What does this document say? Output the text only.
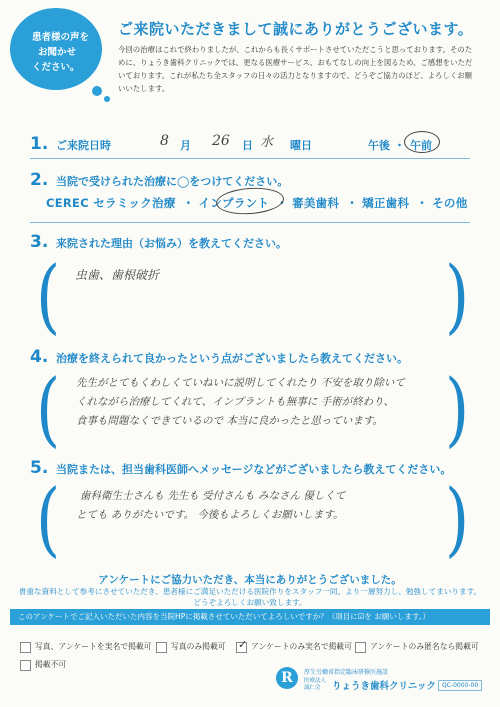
患者様の声を
お聞かせ
ください。
ご来院いただきまして誠にありがとうございます。
今回の治療はこれで終わりましたが、これからも長くサポートさせていただこうと思っております。そのために、りょうき歯科クリニックでは、更なる医療サービス、おもてなしの向上を図るため、ご感想をいただいております。これが私たち全スタッフの日々の活力となりますので、どうぞご協力のほど、よろしくお願いいたします。
1. ご来院日時	8 月 26 日 水 曜日	午後 ・ 午前
2. 当院で受けられた治療に◯をつけてください。
CEREC セラミック治療 ・ インプラント ・ 審美歯科 ・ 矯正歯科 ・ その他
3. 来院された理由（お悩み）を教えてください。
(	)
虫歯、歯根破折
4. 治療を終えられて良かったという点がございましたら教えてください。
(	)
先生がとてもくわしくていねいに説明してくれたり 不安を取り除いて
くれながら治療してくれて、インプラントも無事に 手術が終わり、
食事も問題なくできているので 本当に良かったと思っています。
5. 当院または、担当歯科医師へメッセージなどがございましたら教えてください。
(	)
歯科衛生士さんも 先生も 受付さんも みなさん 優しくて
とても ありがたいです。 今後もよろしくお願いします。
アンケートにご協力いただき、本当にありがとうございました。
貴重な資料として参考にさせていただき、患者様にご満足いただける医院作りをスタッフ一同、より一層努力し、勉強してまいります。
どうぞよろしくお願い致します。
このアンケートでご記入いただいた内容を当院HPに掲載させていただいてよろしいですか？（項目に☑を お願いします。）
写真、アンケートを実名で掲載可	写真のみ掲載可 ✓ アンケートのみ実名で掲載可	アンケートのみ匿名なら掲載可
掲載不可
R	厚生労働省指定臨床研修医施設
医療法人 誠仁会	りょうき歯科クリニック	QC-0000-00
